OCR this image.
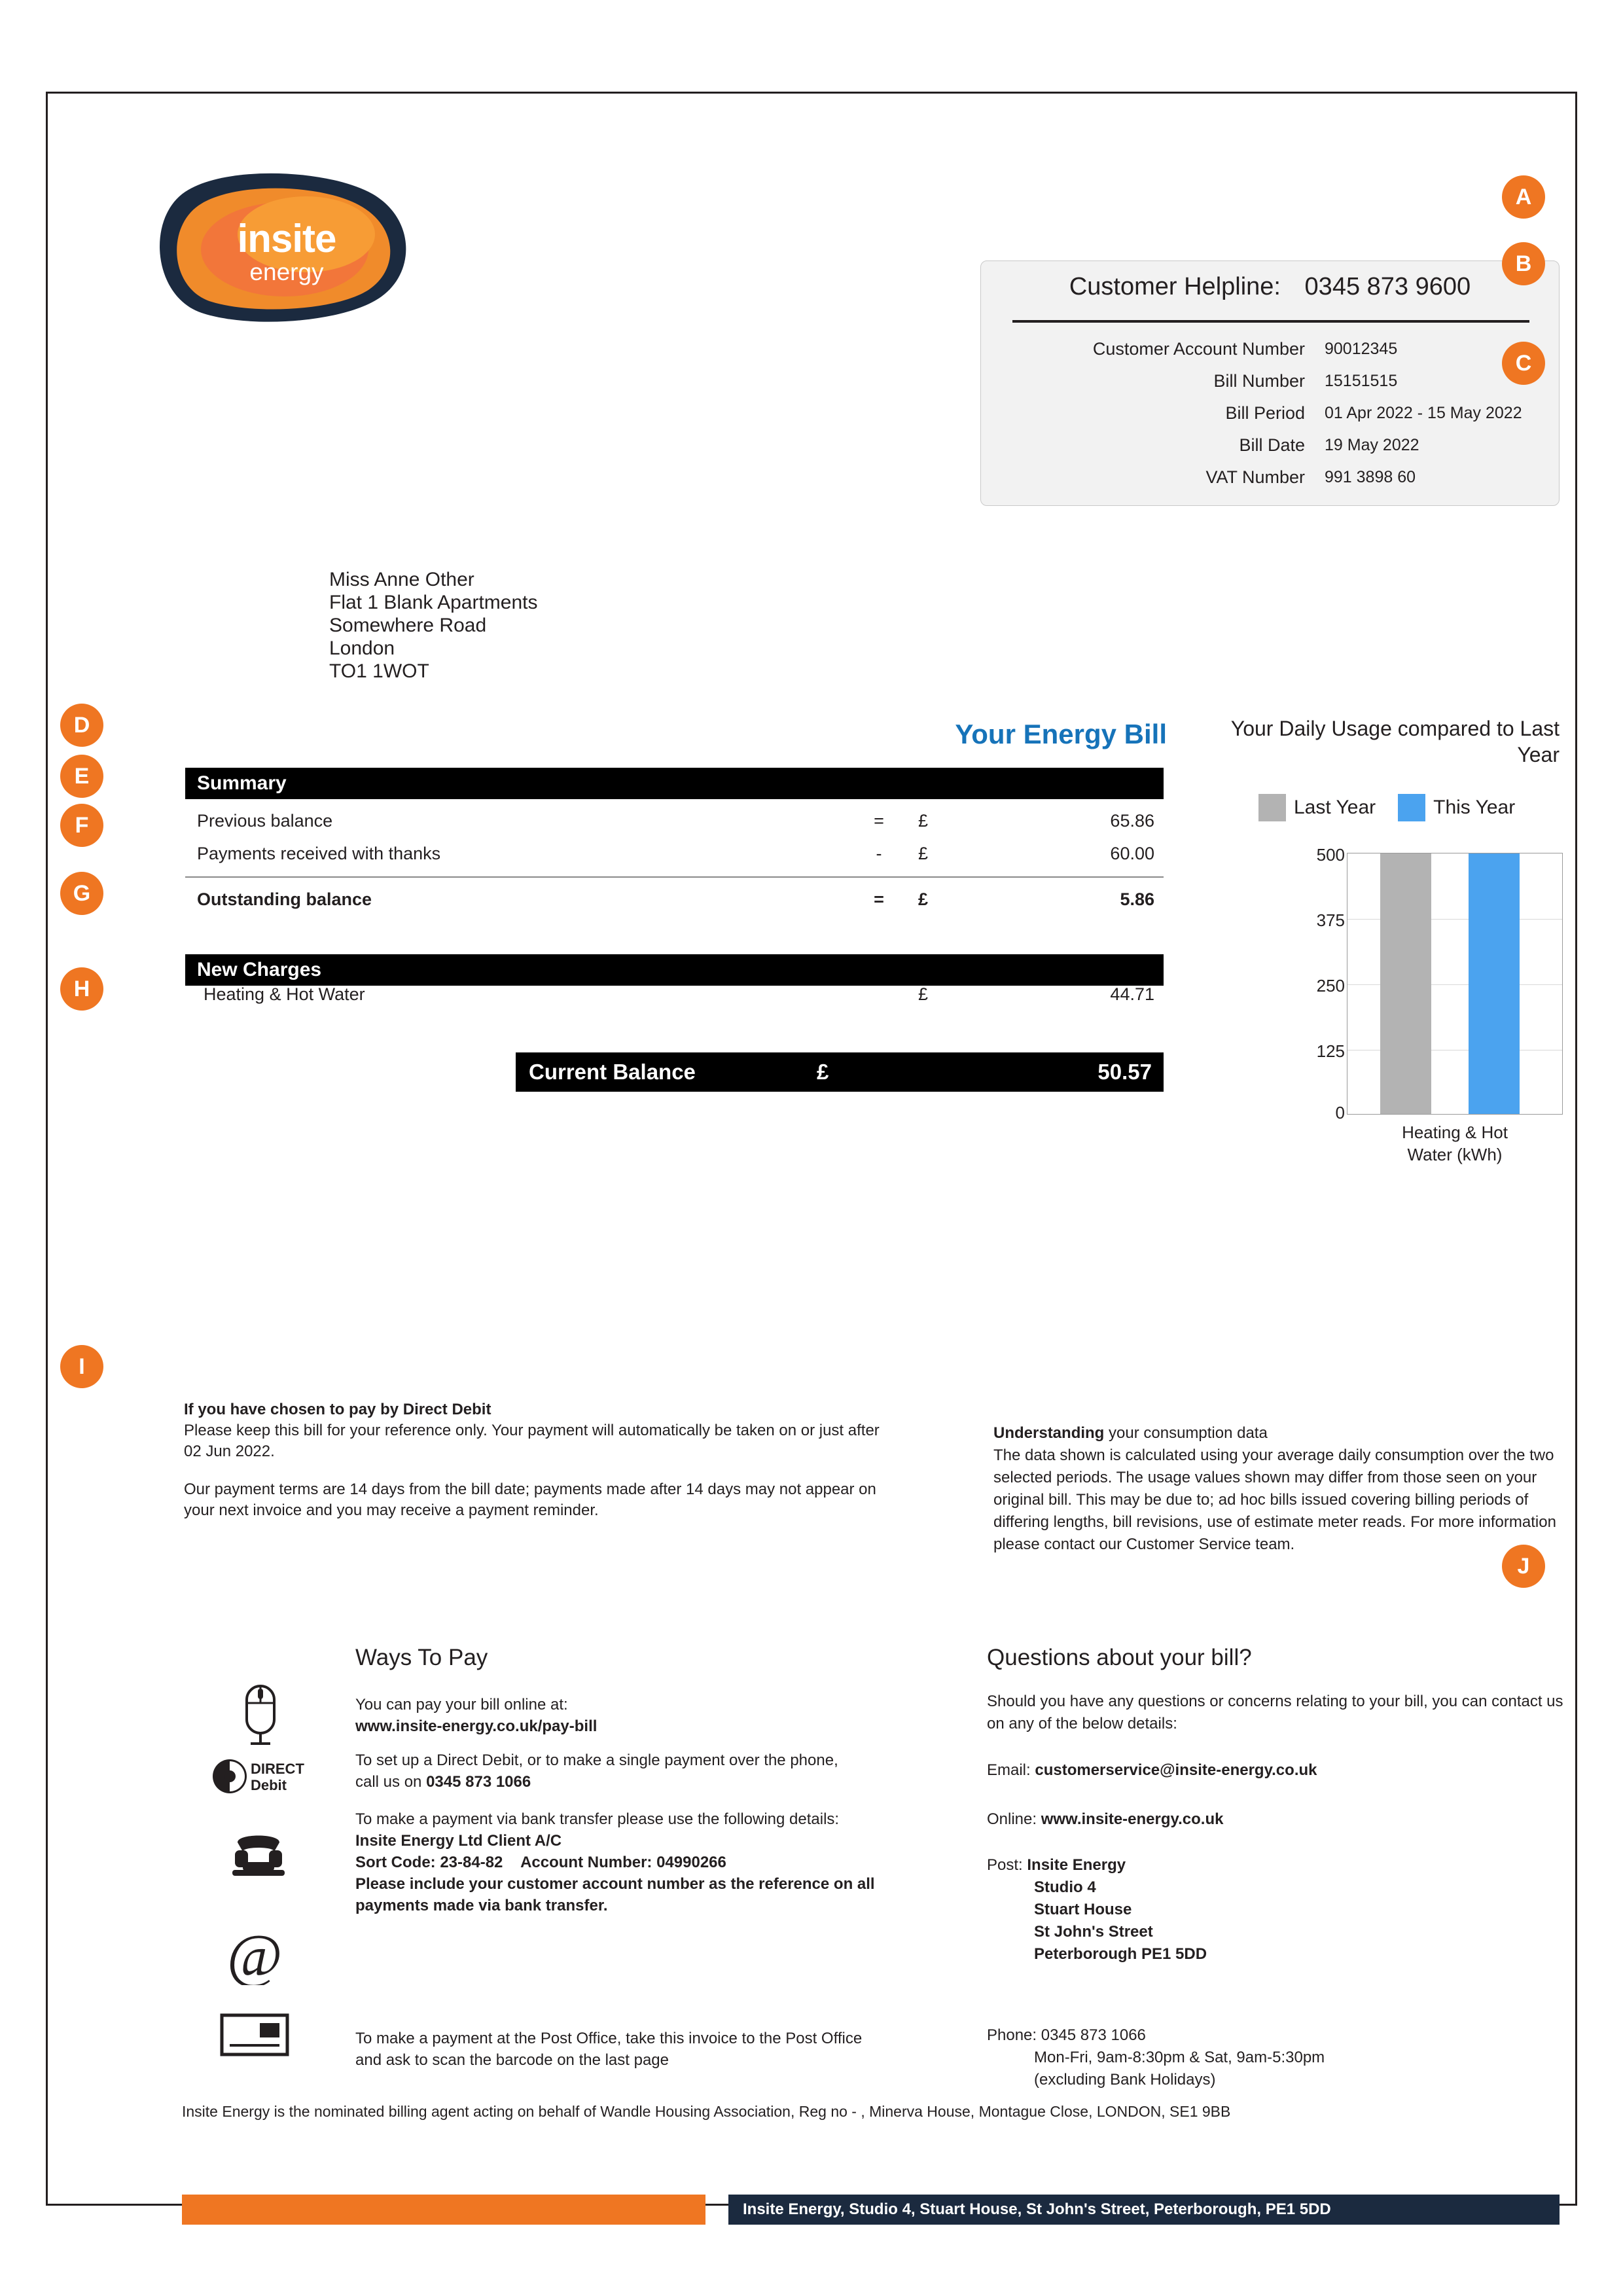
insite
energy
Customer Helpline: 0345 873 9600
Customer Account Number	90012345
Bill Number	15151515
Bill Period	01 Apr 2022 - 15 May 2022
Bill Date	19 May 2022
VAT Number	991 3898 60
Miss Anne Other
Flat 1 Blank Apartments
Somewhere Road
London
TO1 1WOT
Your Energy Bill	Your Daily Usage compared to Last Year
Summary
Previous balance	=	£	65.86
Payments received with thanks	-	£	60.00
Outstanding balance	=	£	5.86
New Charges
Heating & Hot Water	£	44.71
Current Balance	£	50.57
Last Year	This Year
500
375
250
125
0
Heating & Hot
Water (kWh)
If you have chosen to pay by Direct Debit

Please keep this bill for your reference only. Your payment will automatically be taken on or just after 02 Jun 2022.

Our payment terms are 14 days from the bill date; payments made after 14 days may not appear on your next invoice and you may receive a payment reminder.

Understanding your consumption data
The data shown is calculated using your average daily consumption over the two selected periods. The usage values shown may differ from those seen on your original bill. This may be due to; ad hoc bills issued covering billing periods of differing lengths, bill revisions, use of estimate meter reads. For more information please contact our Customer Service team.
Ways To Pay
You can pay your bill online at:
www.insite-energy.co.uk/pay-bill
DIRECT
Debit
To set up a Direct Debit, or to make a single payment over the phone,
call us on 0345 873 1066
@
To make a payment via bank transfer please use the following details:
Insite Energy Ltd Client A/C
Sort Code: 23-84-82 Account Number: 04990266
Please include your customer account number as the reference on all payments made via bank transfer.
To make a payment at the Post Office, take this invoice to the Post Office
and ask to scan the barcode on the last page
Questions about your bill?
Should you have any questions or concerns relating to your bill, you can contact us on any of the below details:
Email: customerservice@insite-energy.co.uk
Online: www.insite-energy.co.uk
Post: Insite Energy
Studio 4
Stuart House
St John's Street
Peterborough PE1 5DD
Phone: 0345 873 1066
Mon-Fri, 9am-8:30pm & Sat, 9am-5:30pm
(excluding Bank Holidays)
Insite Energy is the nominated billing agent acting on behalf of Wandle Housing Association, Reg no - , Minerva House, Montague Close, LONDON, SE1 9BB
Insite Energy, Studio 4, Stuart House, St John's Street, Peterborough, PE1 5DD
A
B
C
D
E
F
G
H
I
J
